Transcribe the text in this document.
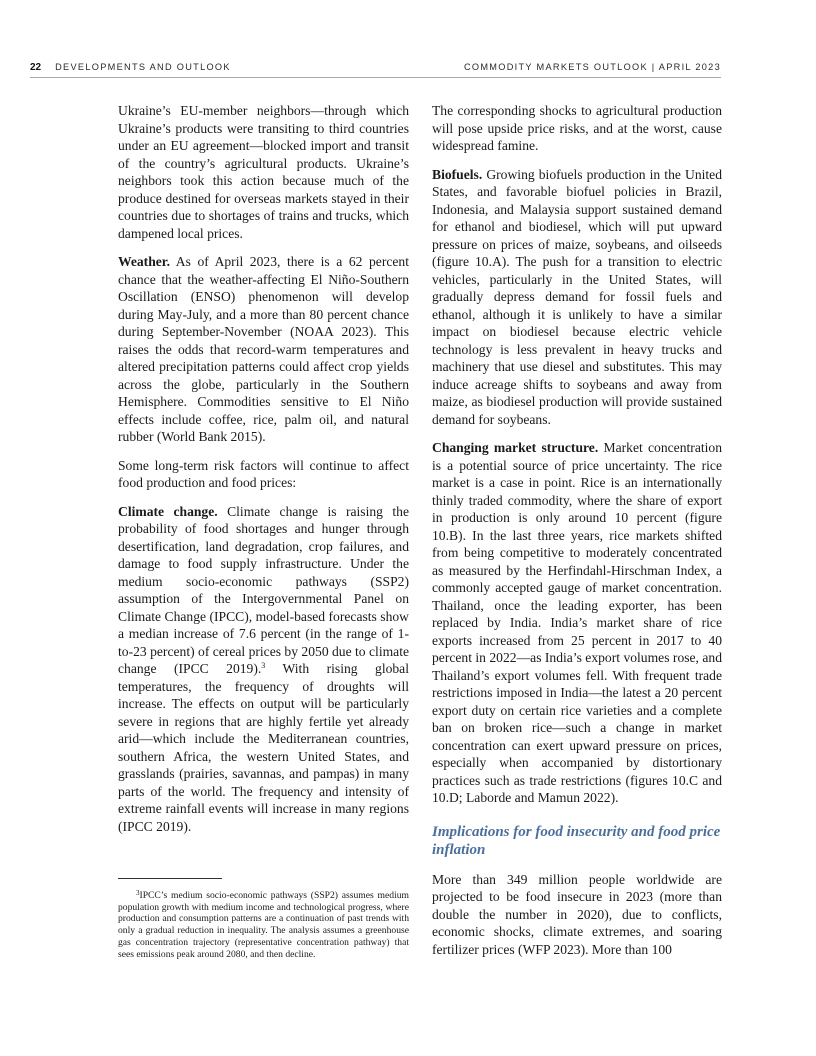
22 DEVELOPMENTS AND OUTLOOK	COMMODITY MARKETS OUTLOOK | APRIL 2023

Ukraine’s EU-member neighbors—through which Ukraine’s products were transiting to third countries under an EU agreement—blocked import and transit of the country’s agricultural products. Ukraine’s neighbors took this action because much of the produce destined for overseas markets stayed in their countries due to shortages of trains and trucks, which dampened local prices.

Weather. As of April 2023, there is a 62 percent chance that the weather-affecting El Niño-Southern Oscillation (ENSO) phenomenon will develop during May-July, and a more than 80 percent chance during September-November (NOAA 2023). This raises the odds that record-warm temperatures and altered precipitation patterns could affect crop yields across the globe, particularly in the Southern Hemisphere. Commodities sensitive to El Niño effects include coffee, rice, palm oil, and natural rubber (World Bank 2015).

Some long-term risk factors will continue to affect food production and food prices:

Climate change. Climate change is raising the probability of food shortages and hunger through desertification, land degradation, crop failures, and damage to food supply infrastructure. Under the medium socio-economic pathways (SSP2) assumption of the Intergovernmental Panel on Climate Change (IPCC), model-based forecasts show a median increase of 7.6 percent (in the range of 1-to-23 percent) of cereal prices by 2050 due to climate change (IPCC 2019).$^3$ With rising global temperatures, the frequency of droughts will increase. The effects on output will be particularly severe in regions that are highly fertile yet already arid—which include the Mediterranean countries, southern Africa, the western United States, and grasslands (prairies, savannas, and pampas) in many parts of the world. The frequency and intensity of extreme rainfall events will increase in many regions (IPCC 2019).

$^3$IPCC’s medium socio-economic pathways (SSP2) assumes medium population growth with medium income and technological progress, where production and consumption patterns are a continuation of past trends with only a gradual reduction in inequality. The analysis assumes a greenhouse gas concentration trajectory (representative concentration pathway) that sees emissions peak around 2080, and then decline.

The corresponding shocks to agricultural production will pose upside price risks, and at the worst, cause widespread famine.

Biofuels. Growing biofuels production in the United States, and favorable biofuel policies in Brazil, Indonesia, and Malaysia support sustained demand for ethanol and biodiesel, which will put upward pressure on prices of maize, soybeans, and oilseeds (figure 10.A). The push for a transition to electric vehicles, particularly in the United States, will gradually depress demand for fossil fuels and ethanol, although it is unlikely to have a similar impact on biodiesel because electric vehicle technology is less prevalent in heavy trucks and machinery that use diesel and substitutes. This may induce acreage shifts to soybeans and away from maize, as biodiesel production will provide sustained demand for soybeans.

Changing market structure. Market concentration is a potential source of price uncertainty. The rice market is a case in point. Rice is an internationally thinly traded commodity, where the share of export in production is only around 10 percent (figure 10.B). In the last three years, rice markets shifted from being competitive to moderately concentrated as measured by the Herfindahl-Hirschman Index, a commonly accepted gauge of market concentration. Thailand, once the leading exporter, has been replaced by India. India’s market share of rice exports increased from 25 percent in 2017 to 40 percent in 2022—as India’s export volumes rose, and Thailand’s export volumes fell. With frequent trade restrictions imposed in India—the latest a 20 percent export duty on certain rice varieties and a complete ban on broken rice—such a change in market concentration can exert upward pressure on prices, especially when accompanied by distortionary practices such as trade restrictions (figures 10.C and 10.D; Laborde and Mamun 2022).

Implications for food insecurity and food price inflation

More than 349 million people worldwide are projected to be food insecure in 2023 (more than double the number in 2020), due to conflicts, economic shocks, climate extremes, and soaring fertilizer prices (WFP 2023). More than 100
